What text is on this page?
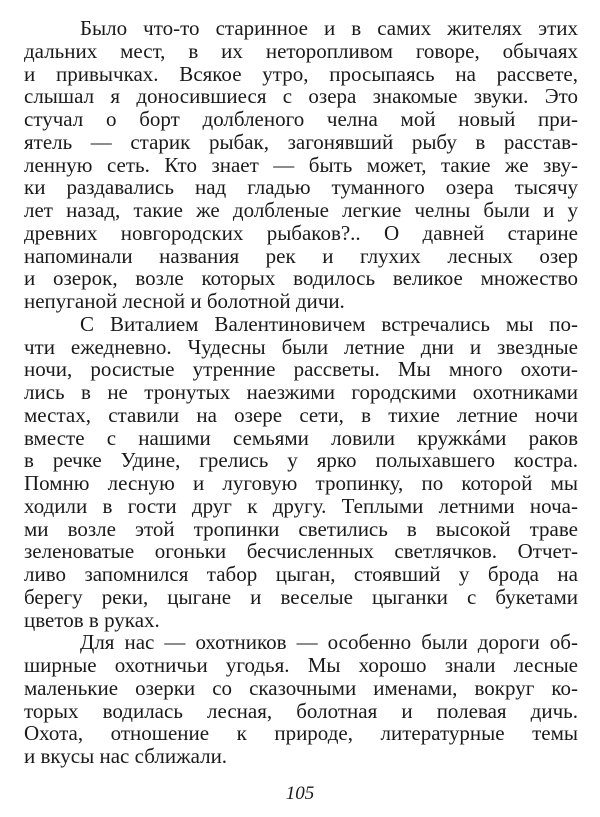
Было что-то старинное и в самих жителях этих
дальних мест, в их неторопливом говоре, обычаях
и привычках. Всякое утро, просыпаясь на рассвете,
слышал я доносившиеся с озера знакомые звуки. Это
стучал о борт долбленого челна мой новый при-
ятель — старик рыбак, загонявший рыбу в расстав-
ленную сеть. Кто знает — быть может, такие же зву-
ки раздавались над гладью туманного озера тысячу
лет назад, такие же долбленые легкие челны были и у
древних новгородских рыбаков?.. О давней старине
напоминали названия рек и глухих лесных озер
и озерок, возле которых водилось великое множество
непуганой лесной и болотной дичи.
С Виталием Валентиновичем встречались мы по-
чти ежедневно. Чудесны были летние дни и звездные
ночи, росистые утренние рассветы. Мы много охоти-
лись в не тронутых наезжими городскими охотниками
местах, ставили на озере сети, в тихие летние ночи
вместе с нашими семьями ловили кружкáми раков
в речке Удине, грелись у ярко полыхавшего костра.
Помню лесную и луговую тропинку, по которой мы
ходили в гости друг к другу. Теплыми летними ноча-
ми возле этой тропинки светились в высокой траве
зеленоватые огоньки бесчисленных светлячков. Отчет-
ливо запомнился табор цыган, стоявший у брода на
берегу реки, цыгане и веселые цыганки с букетами
цветов в руках.
Для нас — охотников — особенно были дороги об-
ширные охотничьи угодья. Мы хорошо знали лесные
маленькие озерки со сказочными именами, вокруг ко-
торых водилась лесная, болотная и полевая дичь.
Охота, отношение к природе, литературные темы
и вкусы нас сближали.
105
